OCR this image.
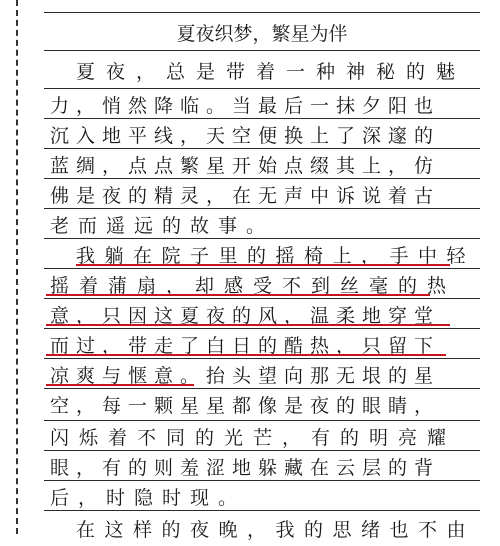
夏夜织梦，繁星为伴
夏夜，总是带着一种神秘的魅
力，悄然降临。当最后一抹夕阳也
沉入地平线，天空便换上了深邃的
蓝绸，点点繁星开始点缀其上，仿
佛是夜的精灵，在无声中诉说着古
老而遥远的故事。
我躺在院子里的摇椅上，手中轻
摇着蒲扇，却感受不到丝毫的热
意，只因这夏夜的风，温柔地穿堂
而过，带走了白日的酷热，只留下
凉爽与惬意。抬头望向那无垠的星
空，每一颗星星都像是夜的眼睛，
闪烁着不同的光芒，有的明亮耀
眼，有的则羞涩地躲藏在云层的背
后，时隐时现。
在这样的夜晚，我的思绪也不由
